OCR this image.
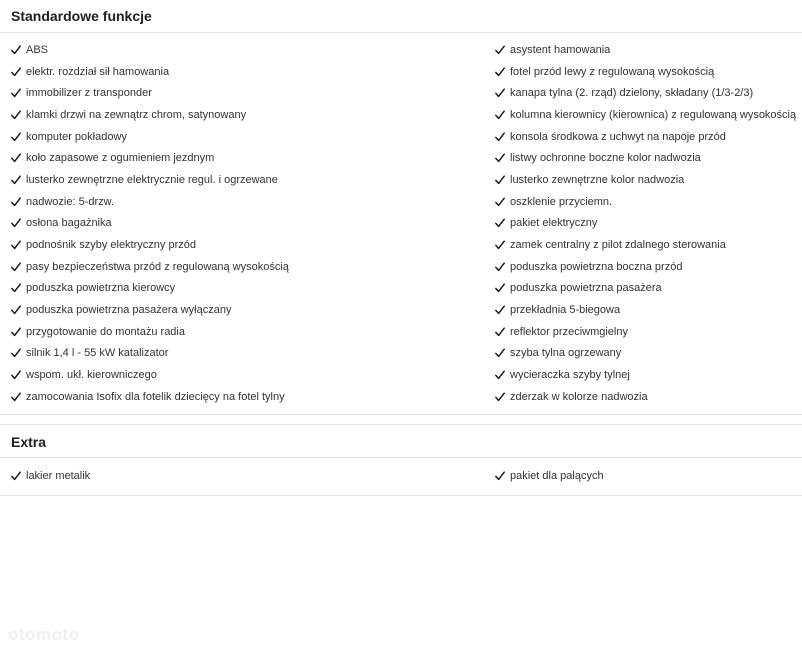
Standardowe funkcje
ABS
elektr. rozdział sił hamowania
immobilizer z transponder
klamki drzwi na zewnątrz chrom, satynowany
komputer pokładowy
koło zapasowe z ogumieniem jezdnym
lusterko zewnętrzne elektrycznie regul. i ogrzewane
nadwozie: 5-drzw.
osłona bagażnika
podnośnik szyby elektryczny przód
pasy bezpieczeństwa przód z regulowaną wysokością
poduszka powietrzna kierowcy
poduszka powietrzna pasażera wyłączany
przygotowanie do montażu radia
silnik 1,4 l - 55 kW katalizator
wspom. ukł. kierowniczego
zamocowania Isofix dla fotelik dziecięcy na fotel tylny
asystent hamowania
fotel przód lewy z regulowaną wysokością
kanapa tylna (2. rząd) dzielony, składany (1/3-2/3)
kolumna kierownicy (kierownica) z regulowaną wysokością
konsola środkowa z uchwyt na napoje przód
listwy ochronne boczne kolor nadwozia
lusterko zewnętrzne kolor nadwozia
oszklenie przyciemn.
pakiet elektryczny
zamek centralny z pilot zdalnego sterowania
poduszka powietrzna boczna przód
poduszka powietrzna pasażera
przekładnia 5-biegowa
reflektor przeciwmgielny
szyba tylna ogrzewany
wycieraczka szyby tylnej
zderzak w kolorze nadwozia
Extra
lakier metalik	pakiet dla palących
otomoto
